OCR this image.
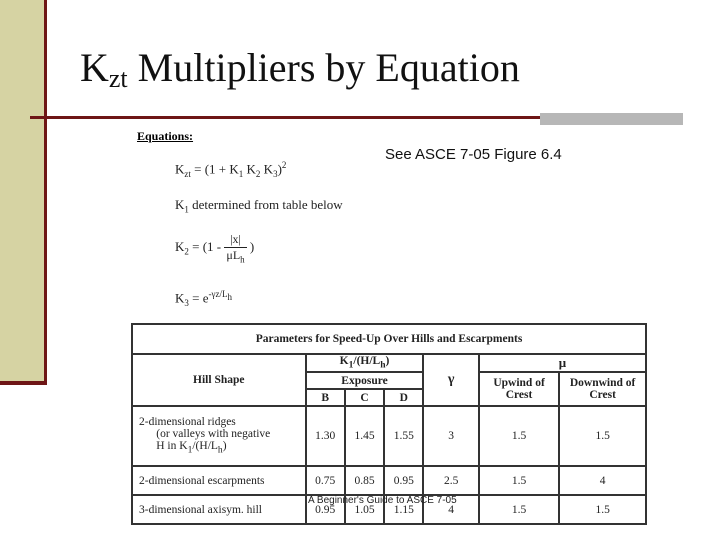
$K_{zt}$ Multipliers by Equation
Equations:
See ASCE 7-05 Figure 6.4
$K_{zt} = (1 + K_1$ $K_2$ $K_3)^2$
$K_1$ determined from table below
$K_2 = (1 - \frac{|x|}{\mu L_h}$ )
$K_3 = e^{-\gamma z/L_h}$
Parameters for Speed-Up Over Hills and Escarpments						
Hill Shape	$K_1/(H/L_h)$			γ	μ	
	Exposure				Upwind of Crest	Downwind of Crest
	B	C	D			
2-dimensional ridges
(or valleys with negative
H in $K_1/(H/L_h)$	1.30	1.45	1.55	3	1.5	1.5
2-dimensional escarpments	0.75	0.85	0.95	2.5	1.5	4
3-dimensional axisym. hill	0.95	1.05	1.15	4	1.5	1.5
A Beginner's Guide to ASCE 7-05
